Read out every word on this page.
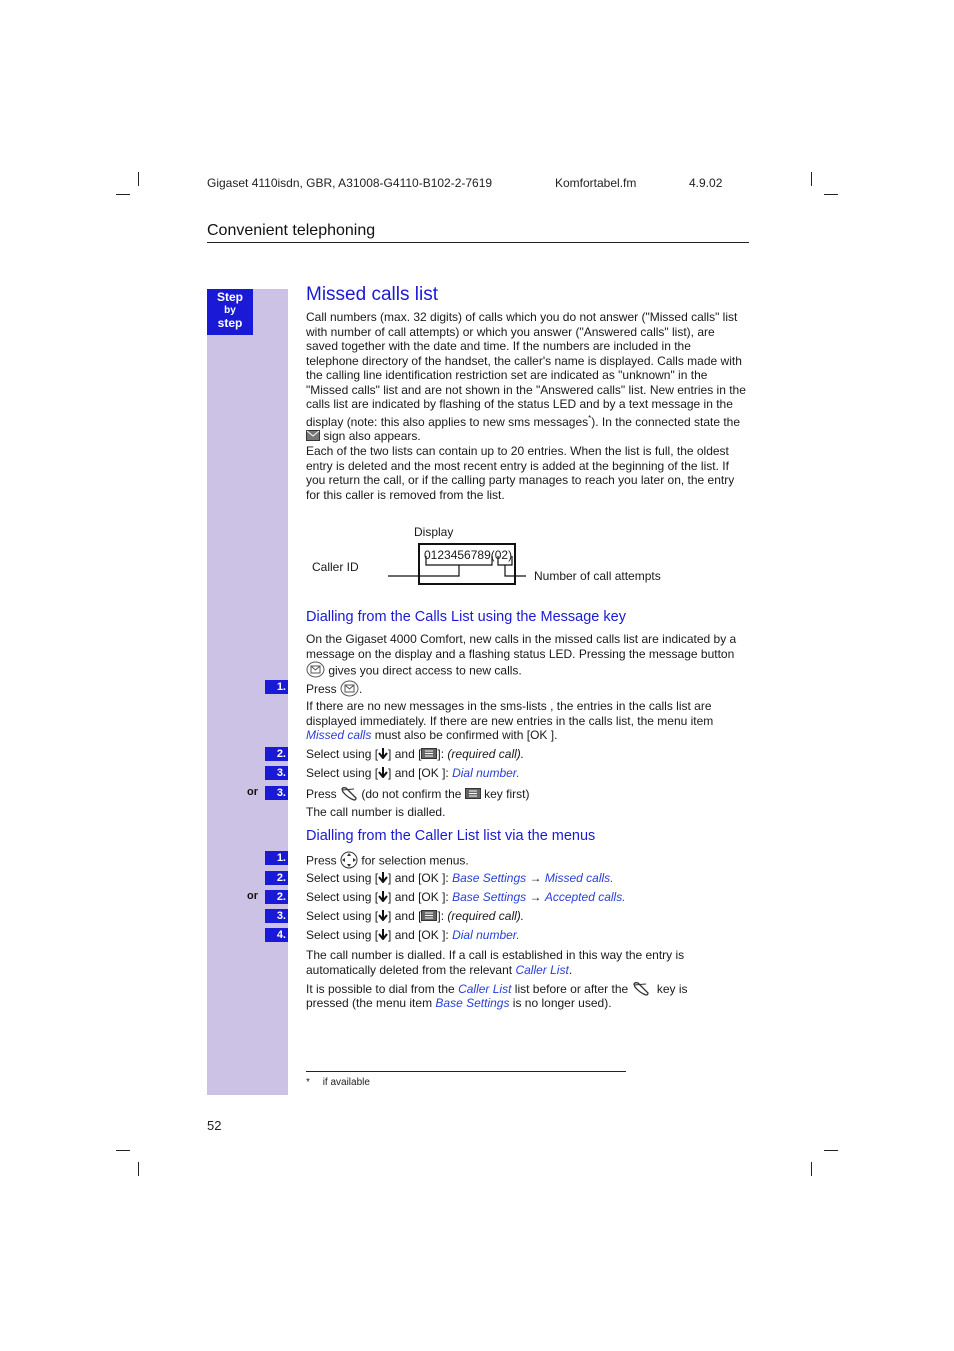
Gigaset 4110isdn, GBR, A31008-G4110-B102-2-7619	Komfortabel.fm	4.9.02
Convenient telephoning
Step
by
step
Missed calls list
Call numbers (max. 32 digits) of calls which you do not answer ("Missed calls" list with number of call attempts) or which you answer ("Answered calls" list), are saved together with the date and time. If the numbers are included in the telephone directory of the handset, the caller's name is displayed. Calls made with the calling line identification restriction set are indicated as "unknown" in the "Missed calls" list and are not shown in the "Answered calls" list. New entries in the calls list are indicated by flashing of the status LED and by a text message in the display (note: this also applies to new sms messages*). In the connected state the  sign also appears.
Each of the two lists can contain up to 20 entries. When the list is full, the oldest entry is deleted and the most recent entry is added at the beginning of the list. If you return the call, or if the calling party manages to reach you later on, the entry for this caller is removed from the list.
Display
Caller ID
0123456789(02)
Number of call attempts
Dialling from the Calls List using the Message key
On the Gigaset 4000 Comfort, new calls in the missed calls list are indicated by a message on the display and a flashing status LED. Pressing the message button  gives you direct access to new calls.
1. Press .
If there are no new messages in the sms-lists , the entries in the calls list are displayed immediately. If there are new entries in the calls list, the menu item Missed calls must also be confirmed with [OK ].
2. Select using [ ] and [ ]: (required call).
3. Select using [ ] and [OK ]: Dial number.
or	3. Press (do not confirm the key first)
The call number is dialled.
Dialling from the Caller List list via the menus
1. Press for selection menus.
2. Select using [ ] and [OK ]: Base Settings → Missed calls.
or	2. Select using [ ] and [OK ]: Base Settings → Accepted calls.
3. Select using [ ] and [ ]: (required call).
4. Select using [ ] and [OK ]: Dial number.
The call number is dialled. If a call is established in this way the entry is automatically deleted from the relevant Caller List.
It is possible to dial from the Caller List list before or after the key is
pressed (the menu item Base Settings is no longer used).
* if available
52
